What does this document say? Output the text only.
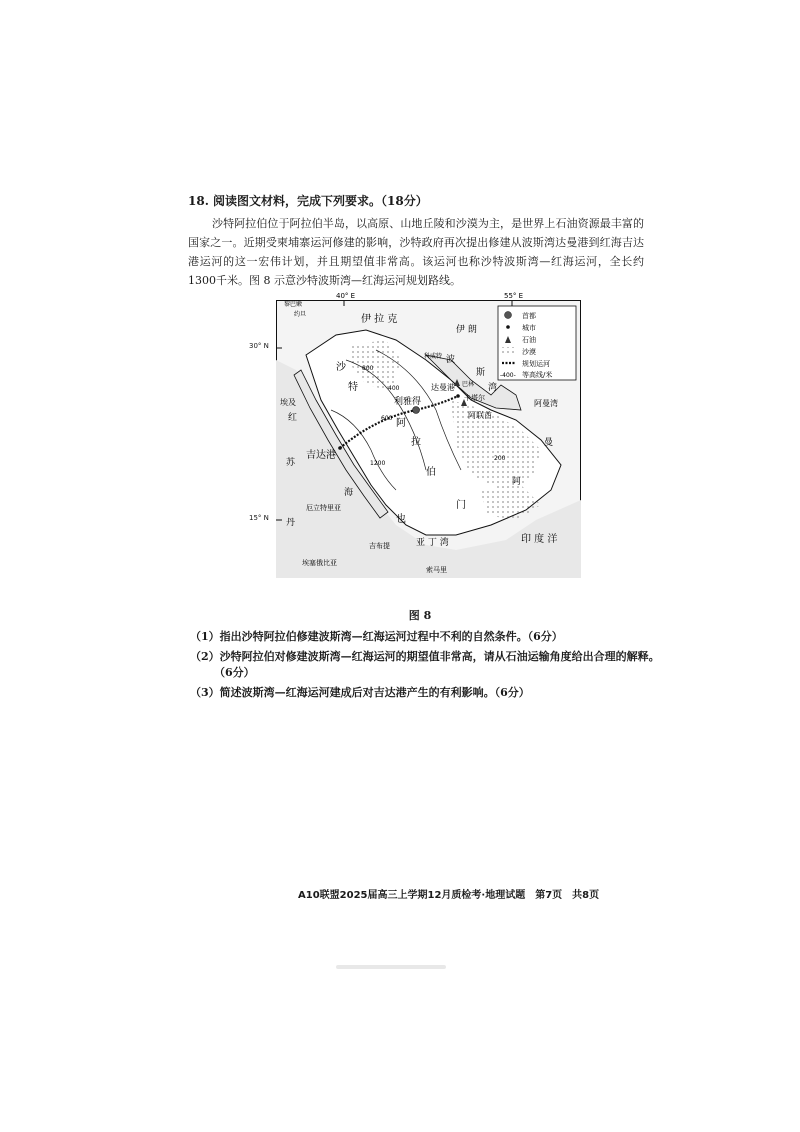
18. 阅读图文材料，完成下列要求。（18分）
沙特阿拉伯位于阿拉伯半岛，以高原、山地丘陵和沙漠为主，是世界上石油资源最丰富的国家之一。近期受柬埔寨运河修建的影响，沙特政府再次提出修建从波斯湾达曼港到红海吉达港运河的这一宏伟计划，并且期望值非常高。该运河也称沙特波斯湾—红海运河，全长约1300千米。图 8 示意沙特波斯湾—红海运河规划路线。
40° E	55° E
黎巴嫩
约旦	伊 拉 克
伊 朗
沙
特
阿
拉
伯
科威特 波
斯
湾
巴林
达曼港
卡塔尔
利雅得
阿联酋
阿曼湾
曼
阿
吉达港
红
海
埃及
苏
丹
厄立特里亚
也
门
吉布提	亚 丁 湾
埃塞俄比亚
索马里
印 度 洋
800
400
1200
200
600
首都
城市
石油
沙漠
规划运河
-400- 等高线/米
30° N
15° N
图 8
（1）指出沙特阿拉伯修建波斯湾—红海运河过程中不利的自然条件。（6分）
（2）沙特阿拉伯对修建波斯湾—红海运河的期望值非常高，请从石油运输角度给出合理的解释。
（6分）
（3）简述波斯湾—红海运河建成后对吉达港产生的有利影响。（6分）
A10联盟2025届高三上学期12月质检考·地理试题　第7页　共8页
